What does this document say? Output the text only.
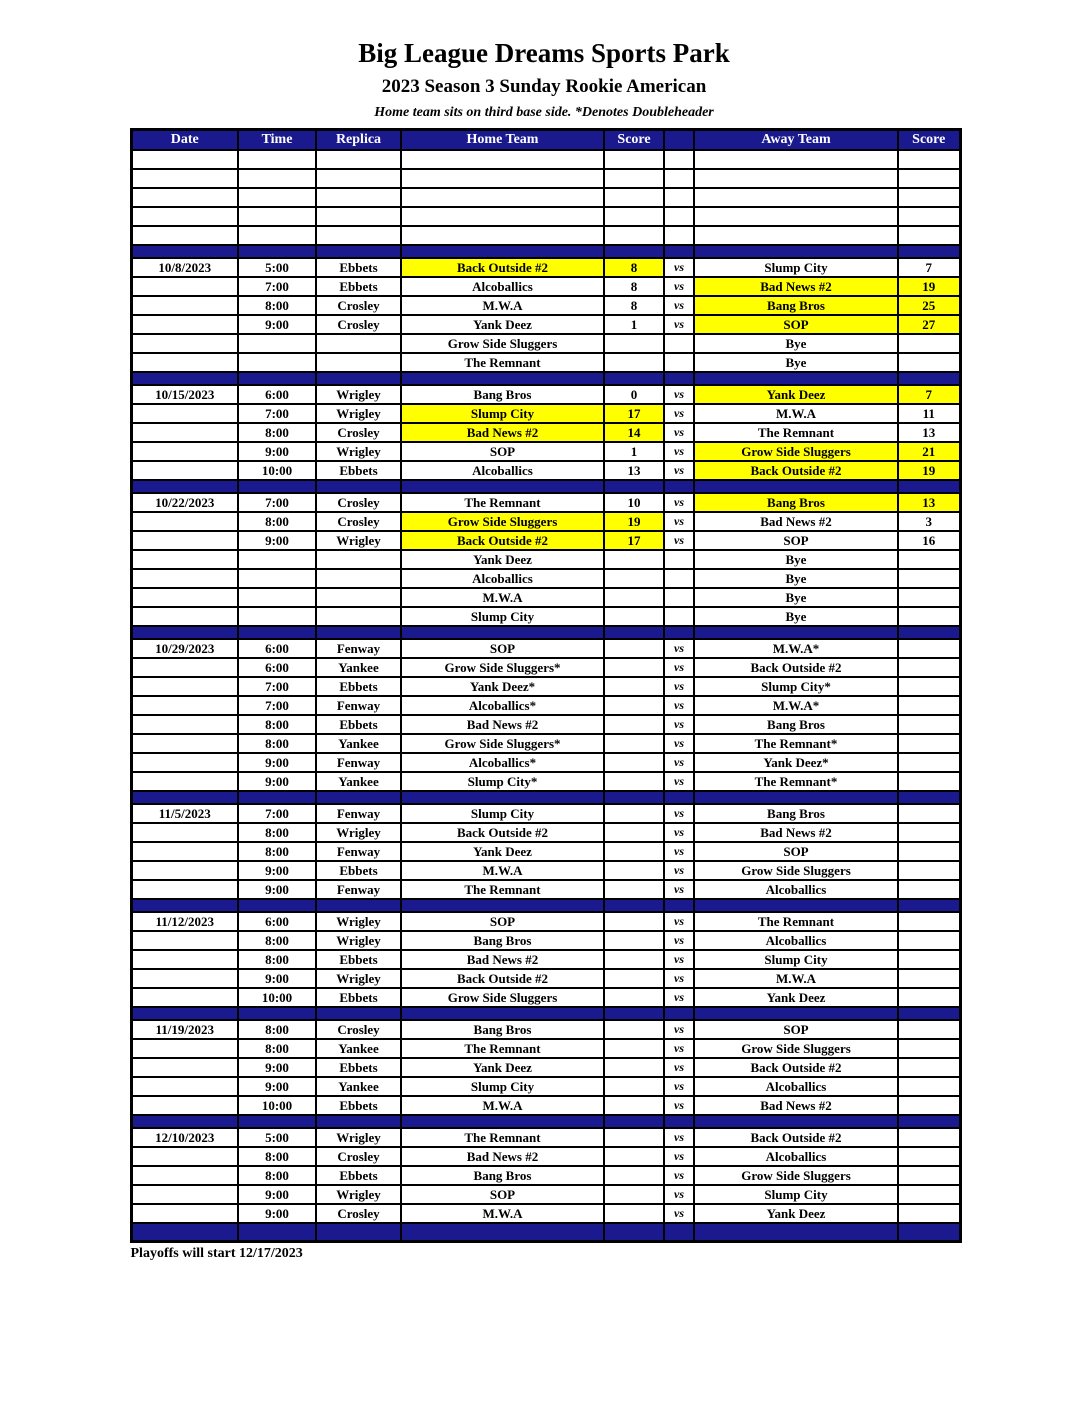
Big League Dreams Sports Park
2023 Season 3 Sunday Rookie American
Home team sits on third base side. *Denotes Doubleheader
Date	Time	Replica	Home Team	Score		Away Team	Score

10/8/2023	5:00	Ebbets	Back Outside #2	8	vs	Slump City	7
	7:00	Ebbets	Alcoballics	8	vs	Bad News #2	19
	8:00	Crosley	M.W.A	8	vs	Bang Bros	25
	9:00	Crosley	Yank Deez	1	vs	SOP	27
			Grow Side Sluggers			Bye	
			The Remnant			Bye	

10/15/2023	6:00	Wrigley	Bang Bros	0	vs	Yank Deez	7
	7:00	Wrigley	Slump City	17	vs	M.W.A	11
	8:00	Crosley	Bad News #2	14	vs	The Remnant	13
	9:00	Wrigley	SOP	1	vs	Grow Side Sluggers	21
	10:00	Ebbets	Alcoballics	13	vs	Back Outside #2	19

10/22/2023	7:00	Crosley	The Remnant	10	vs	Bang Bros	13
	8:00	Crosley	Grow Side Sluggers	19	vs	Bad News #2	3
	9:00	Wrigley	Back Outside #2	17	vs	SOP	16
			Yank Deez			Bye	
			Alcoballics			Bye	
			M.W.A			Bye	
			Slump City			Bye	

10/29/2023	6:00	Fenway	SOP		vs	M.W.A*	
	6:00	Yankee	Grow Side Sluggers*		vs	Back Outside #2	
	7:00	Ebbets	Yank Deez*		vs	Slump City*	
	7:00	Fenway	Alcoballics*		vs	M.W.A*	
	8:00	Ebbets	Bad News #2		vs	Bang Bros	
	8:00	Yankee	Grow Side Sluggers*		vs	The Remnant*	
	9:00	Fenway	Alcoballics*		vs	Yank Deez*	
	9:00	Yankee	Slump City*		vs	The Remnant*	

11/5/2023	7:00	Fenway	Slump City		vs	Bang Bros	
	8:00	Wrigley	Back Outside #2		vs	Bad News #2	
	8:00	Fenway	Yank Deez		vs	SOP	
	9:00	Ebbets	M.W.A		vs	Grow Side Sluggers	
	9:00	Fenway	The Remnant		vs	Alcoballics	

11/12/2023	6:00	Wrigley	SOP		vs	The Remnant	
	8:00	Wrigley	Bang Bros		vs	Alcoballics	
	8:00	Ebbets	Bad News #2		vs	Slump City	
	9:00	Wrigley	Back Outside #2		vs	M.W.A	
	10:00	Ebbets	Grow Side Sluggers		vs	Yank Deez	

11/19/2023	8:00	Crosley	Bang Bros		vs	SOP	
	8:00	Yankee	The Remnant		vs	Grow Side Sluggers	
	9:00	Ebbets	Yank Deez		vs	Back Outside #2	
	9:00	Yankee	Slump City		vs	Alcoballics	
	10:00	Ebbets	M.W.A		vs	Bad News #2	

12/10/2023	5:00	Wrigley	The Remnant		vs	Back Outside #2	
	8:00	Crosley	Bad News #2		vs	Alcoballics	
	8:00	Ebbets	Bang Bros		vs	Grow Side Sluggers	
	9:00	Wrigley	SOP		vs	Slump City	
	9:00	Crosley	M.W.A		vs	Yank Deez	

Playoffs will start 12/17/2023
